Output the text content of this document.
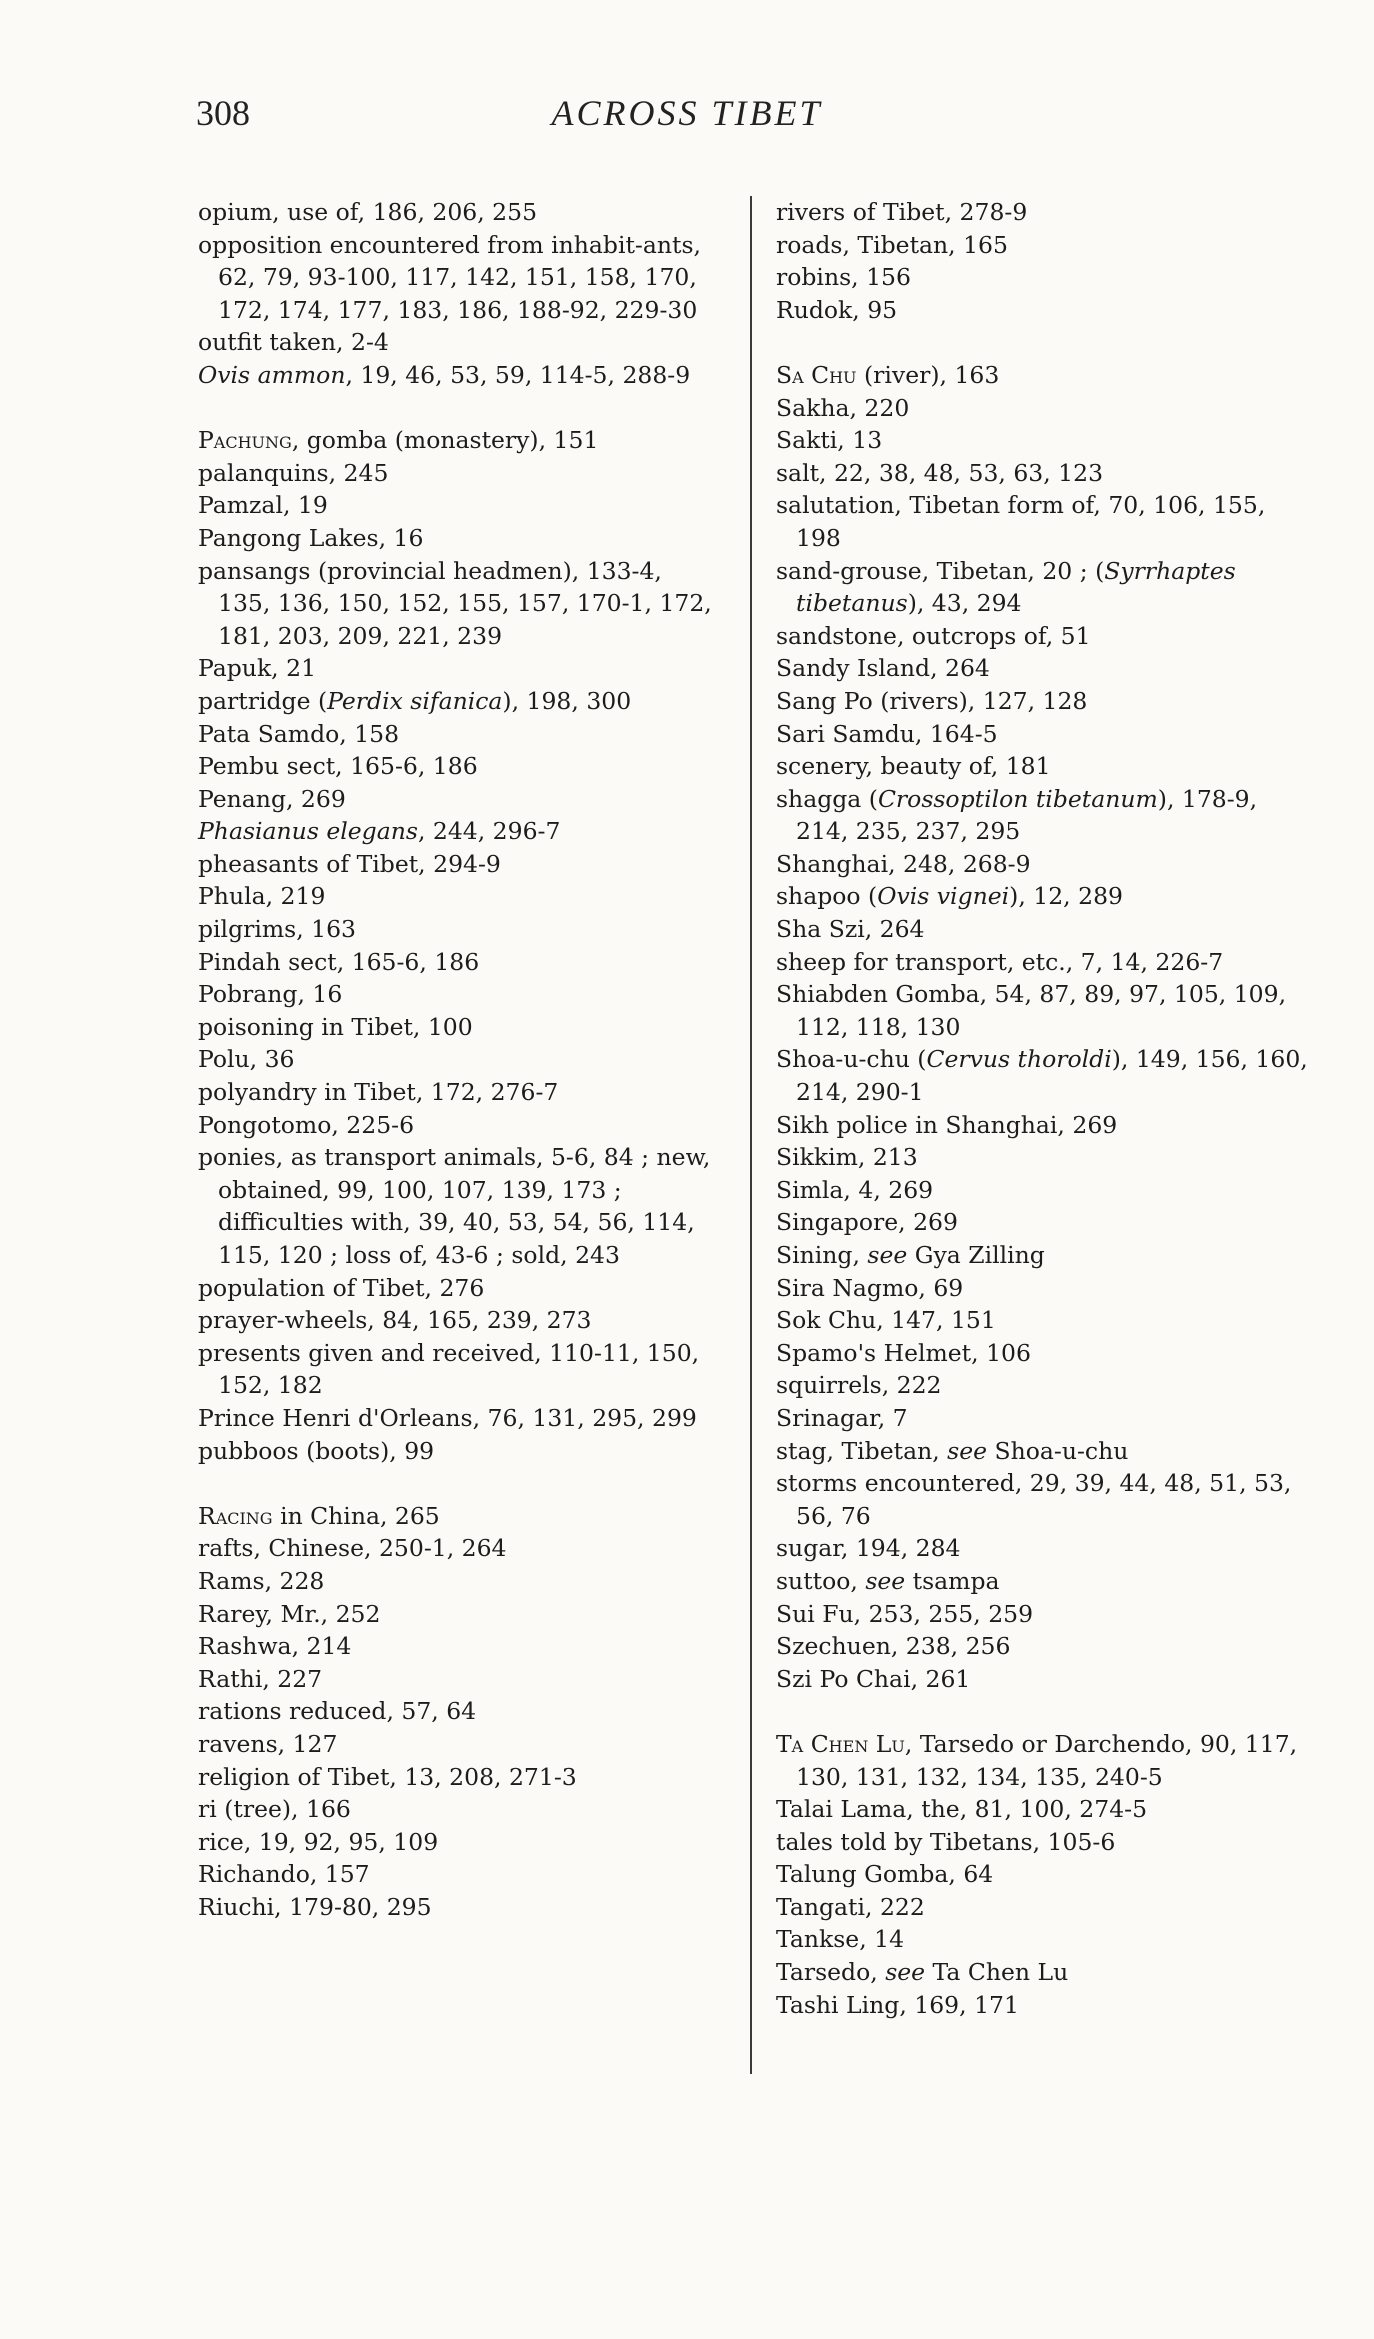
308	ACROSS TIBET
opium, use of, 186, 206, 255
opposition encountered from inhabit-ants, 62, 79, 93-100, 117, 142, 151, 158, 170, 172, 174, 177, 183, 186, 188-92, 229-30
outfit taken, 2-4
Ovis ammon, 19, 46, 53, 59, 114-5, 288-9
Pachung, gomba (monastery), 151
palanquins, 245
Pamzal, 19
Pangong Lakes, 16
pansangs (provincial headmen), 133-4, 135, 136, 150, 152, 155, 157, 170-1, 172, 181, 203, 209, 221, 239
Papuk, 21
partridge (Perdix sifanica), 198, 300
Pata Samdo, 158
Pembu sect, 165-6, 186
Penang, 269
Phasianus elegans, 244, 296-7
pheasants of Tibet, 294-9
Phula, 219
pilgrims, 163
Pindah sect, 165-6, 186
Pobrang, 16
poisoning in Tibet, 100
Polu, 36
polyandry in Tibet, 172, 276-7
Pongotomo, 225-6
ponies, as transport animals, 5-6, 84 ; new, obtained, 99, 100, 107, 139, 173 ; difficulties with, 39, 40, 53, 54, 56, 114, 115, 120 ; loss of, 43-6 ; sold, 243
population of Tibet, 276
prayer-wheels, 84, 165, 239, 273
presents given and received, 110-11, 150, 152, 182
Prince Henri d'Orleans, 76, 131, 295, 299
pubboos (boots), 99
Racing in China, 265
rafts, Chinese, 250-1, 264
Rams, 228
Rarey, Mr., 252
Rashwa, 214
Rathi, 227
rations reduced, 57, 64
ravens, 127
religion of Tibet, 13, 208, 271-3
ri (tree), 166
rice, 19, 92, 95, 109
Richando, 157
Riuchi, 179-80, 295
rivers of Tibet, 278-9
roads, Tibetan, 165
robins, 156
Rudok, 95
Sa Chu (river), 163
Sakha, 220
Sakti, 13
salt, 22, 38, 48, 53, 63, 123
salutation, Tibetan form of, 70, 106, 155, 198
sand-grouse, Tibetan, 20 ; (Syrrhaptes tibetanus), 43, 294
sandstone, outcrops of, 51
Sandy Island, 264
Sang Po (rivers), 127, 128
Sari Samdu, 164-5
scenery, beauty of, 181
shagga (Crossoptilon tibetanum), 178-9, 214, 235, 237, 295
Shanghai, 248, 268-9
shapoo (Ovis vignei), 12, 289
Sha Szi, 264
sheep for transport, etc., 7, 14, 226-7
Shiabden Gomba, 54, 87, 89, 97, 105, 109, 112, 118, 130
Shoa-u-chu (Cervus thoroldi), 149, 156, 160, 214, 290-1
Sikh police in Shanghai, 269
Sikkim, 213
Simla, 4, 269
Singapore, 269
Sining, see Gya Zilling
Sira Nagmo, 69
Sok Chu, 147, 151
Spamo's Helmet, 106
squirrels, 222
Srinagar, 7
stag, Tibetan, see Shoa-u-chu
storms encountered, 29, 39, 44, 48, 51, 53, 56, 76
sugar, 194, 284
suttoo, see tsampa
Sui Fu, 253, 255, 259
Szechuen, 238, 256
Szi Po Chai, 261
Ta Chen Lu, Tarsedo or Darchendo, 90, 117, 130, 131, 132, 134, 135, 240-5
Talai Lama, the, 81, 100, 274-5
tales told by Tibetans, 105-6
Talung Gomba, 64
Tangati, 222
Tankse, 14
Tarsedo, see Ta Chen Lu
Tashi Ling, 169, 171
